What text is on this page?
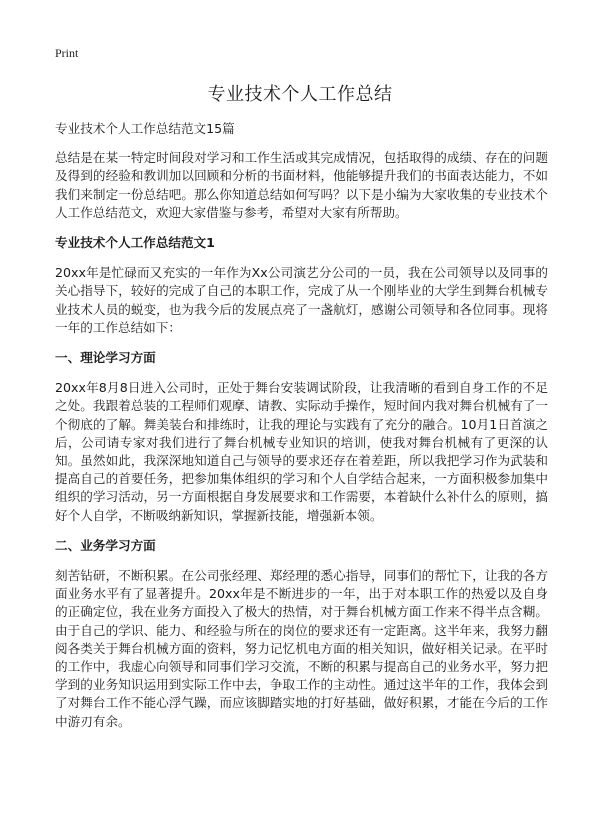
Print
专业技术个人工作总结

专业技术个人工作总结范文15篇

总结是在某一特定时间段对学习和工作生活或其完成情况，包括取得的成绩、存在的问题及得到的经验和教训加以回顾和分析的书面材料，他能够提升我们的书面表达能力，不如我们来制定一份总结吧。那么你知道总结如何写吗？以下是小编为大家收集的专业技术个人工作总结范文，欢迎大家借鉴与参考，希望对大家有所帮助。

专业技术个人工作总结范文1

20xx年是忙碌而又充实的一年作为Xx公司演艺分公司的一员，我在公司领导以及同事的关心指导下，较好的完成了自己的本职工作，完成了从一个刚毕业的大学生到舞台机械专业技术人员的蜕变，也为我今后的发展点亮了一盏航灯，感谢公司领导和各位同事。现将一年的工作总结如下：

一、理论学习方面

20xx年8月8日进入公司时，正处于舞台安装调试阶段，让我清晰的看到自身工作的不足之处。我跟着总装的工程师们观摩、请教、实际动手操作，短时间内我对舞台机械有了一个彻底的了解。舞美装台和排练时，让我的理论与实践有了充分的融合。10月1日首演之后，公司请专家对我们进行了舞台机械专业知识的培训，使我对舞台机械有了更深的认知。虽然如此，我深深地知道自己与领导的要求还存在着差距，所以我把学习作为武装和提高自己的首要任务，把参加集体组织的学习和个人自学结合起来，一方面积极参加集中组织的学习活动，另一方面根据自身发展要求和工作需要，本着缺什么补什么的原则，搞好个人自学，不断吸纳新知识，掌握新技能，增强新本领。

二、业务学习方面

刻苦钻研，不断积累。在公司张经理、郑经理的悉心指导，同事们的帮忙下，让我的各方面业务水平有了显著提升。20xx年是不断进步的一年，出于对本职工作的热爱以及自身的正确定位，我在业务方面投入了极大的热情，对于舞台机械方面工作来不得半点含糊。由于自己的学识、能力、和经验与所在的岗位的要求还有一定距离。这半年来，我努力翻阅各类关于舞台机械方面的资料，努力记忆机电方面的相关知识，做好相关记录。在平时的工作中，我虚心向领导和同事们学习交流，不断的积累与提高自己的业务水平，努力把学到的业务知识运用到实际工作中去，争取工作的主动性。通过这半年的工作，我体会到了对舞台工作不能心浮气躁，而应该脚踏实地的打好基础，做好积累，才能在今后的工作中游刃有余。
